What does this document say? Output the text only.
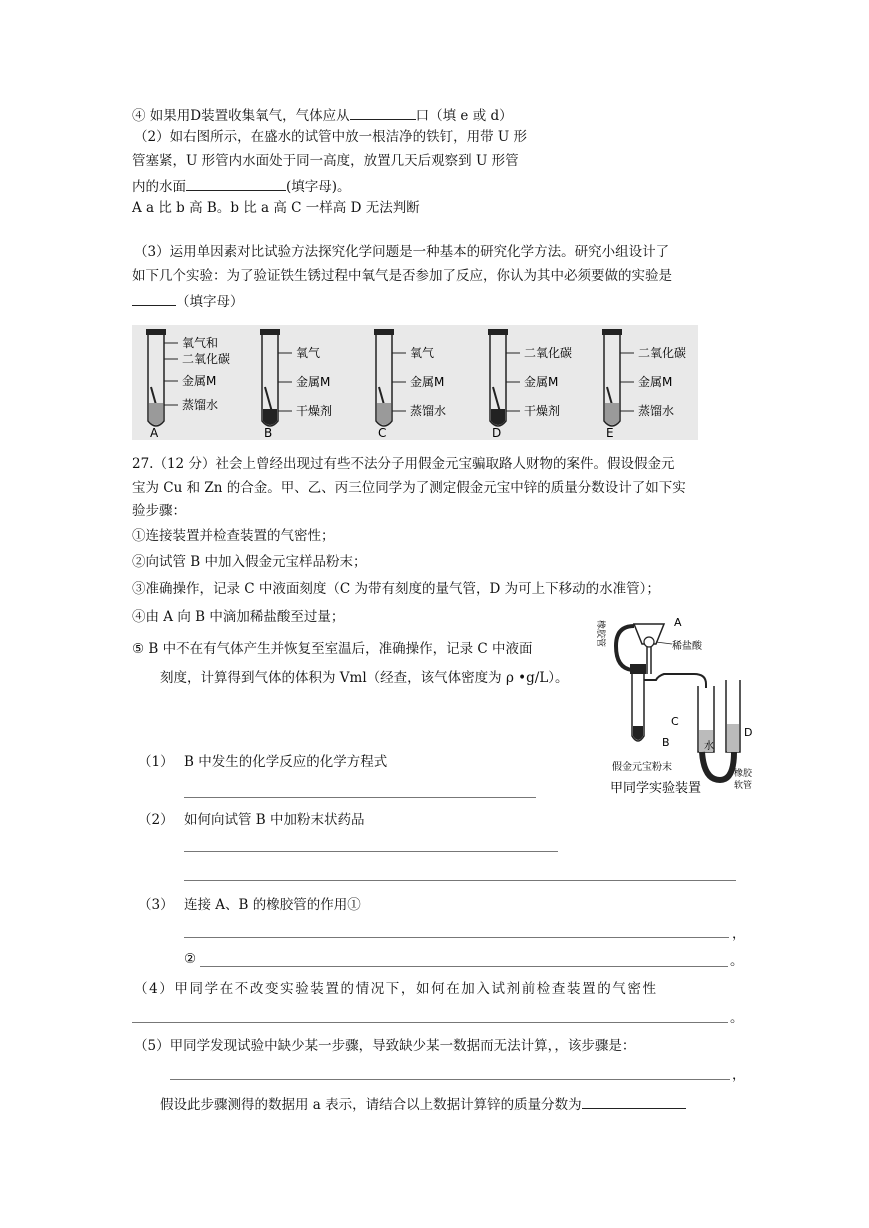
④ 如果用D装置收集氧气，气体应从	口（填 e 或 d）
（2）如右图所示，在盛水的试管中放一根洁净的铁钉，用带 U 形
管塞紧，U 形管内水面处于同一高度，放置几天后观察到 U 形管
内的水面	(填字母)。
A a 比 b 高 B。b 比 a 高 C 一样高 D 无法判断
（3）运用单因素对比试验方法探究化学问题是一种基本的研究化学方法。研究小组设计了
如下几个实验：为了验证铁生锈过程中氧气是否参加了反应，你认为其中必须要做的实验是
（填字母）
氧气和
二氧化碳
金属M
蒸馏水
A
氧气
金属M
干燥剂
B
氧气
金属M
蒸馏水
C
二氧化碳
金属M
干燥剂
D
二氧化碳
金属M
蒸馏水
E
27.（12 分）社会上曾经出现过有些不法分子用假金元宝骗取路人财物的案件。假设假金元
宝为 Cu 和 Zn 的合金。甲、乙、丙三位同学为了测定假金元宝中锌的质量分数设计了如下实
验步骤：
①连接装置并检查装置的气密性；
②向试管 B 中加入假金元宝样品粉末；
③准确操作，记录 C 中液面刻度（C 为带有刻度的量气管，D 为可上下移动的水准管）；
④由 A 向 B 中滴加稀盐酸至过量；
⑤ B 中不在有气体产生并恢复至室温后，准确操作，记录 C 中液面
刻度，计算得到气体的体积为 Vml（经查，该气体密度为 ρ •g/L）。
（1） B 中发生的化学反应的化学方程式
（2） 如何向试管 B 中加粉末状药品
（3） 连接 A、B 的橡胶管的作用①
，
②	。
（4）甲同学在不改变实验装置的情况下，如何在加入试剂前检查装置的气密性
。
（5）甲同学发现试验中缺少某一步骤，导致缺少某一数据而无法计算，，该步骤是：
，
假设此步骤测得的数据用 a 表示，请结合以上数据计算锌的质量分数为
橡胶管	A
稀盐酸
C
D
B	水
假金元宝粉末
橡胶
软管
甲同学实验装置
